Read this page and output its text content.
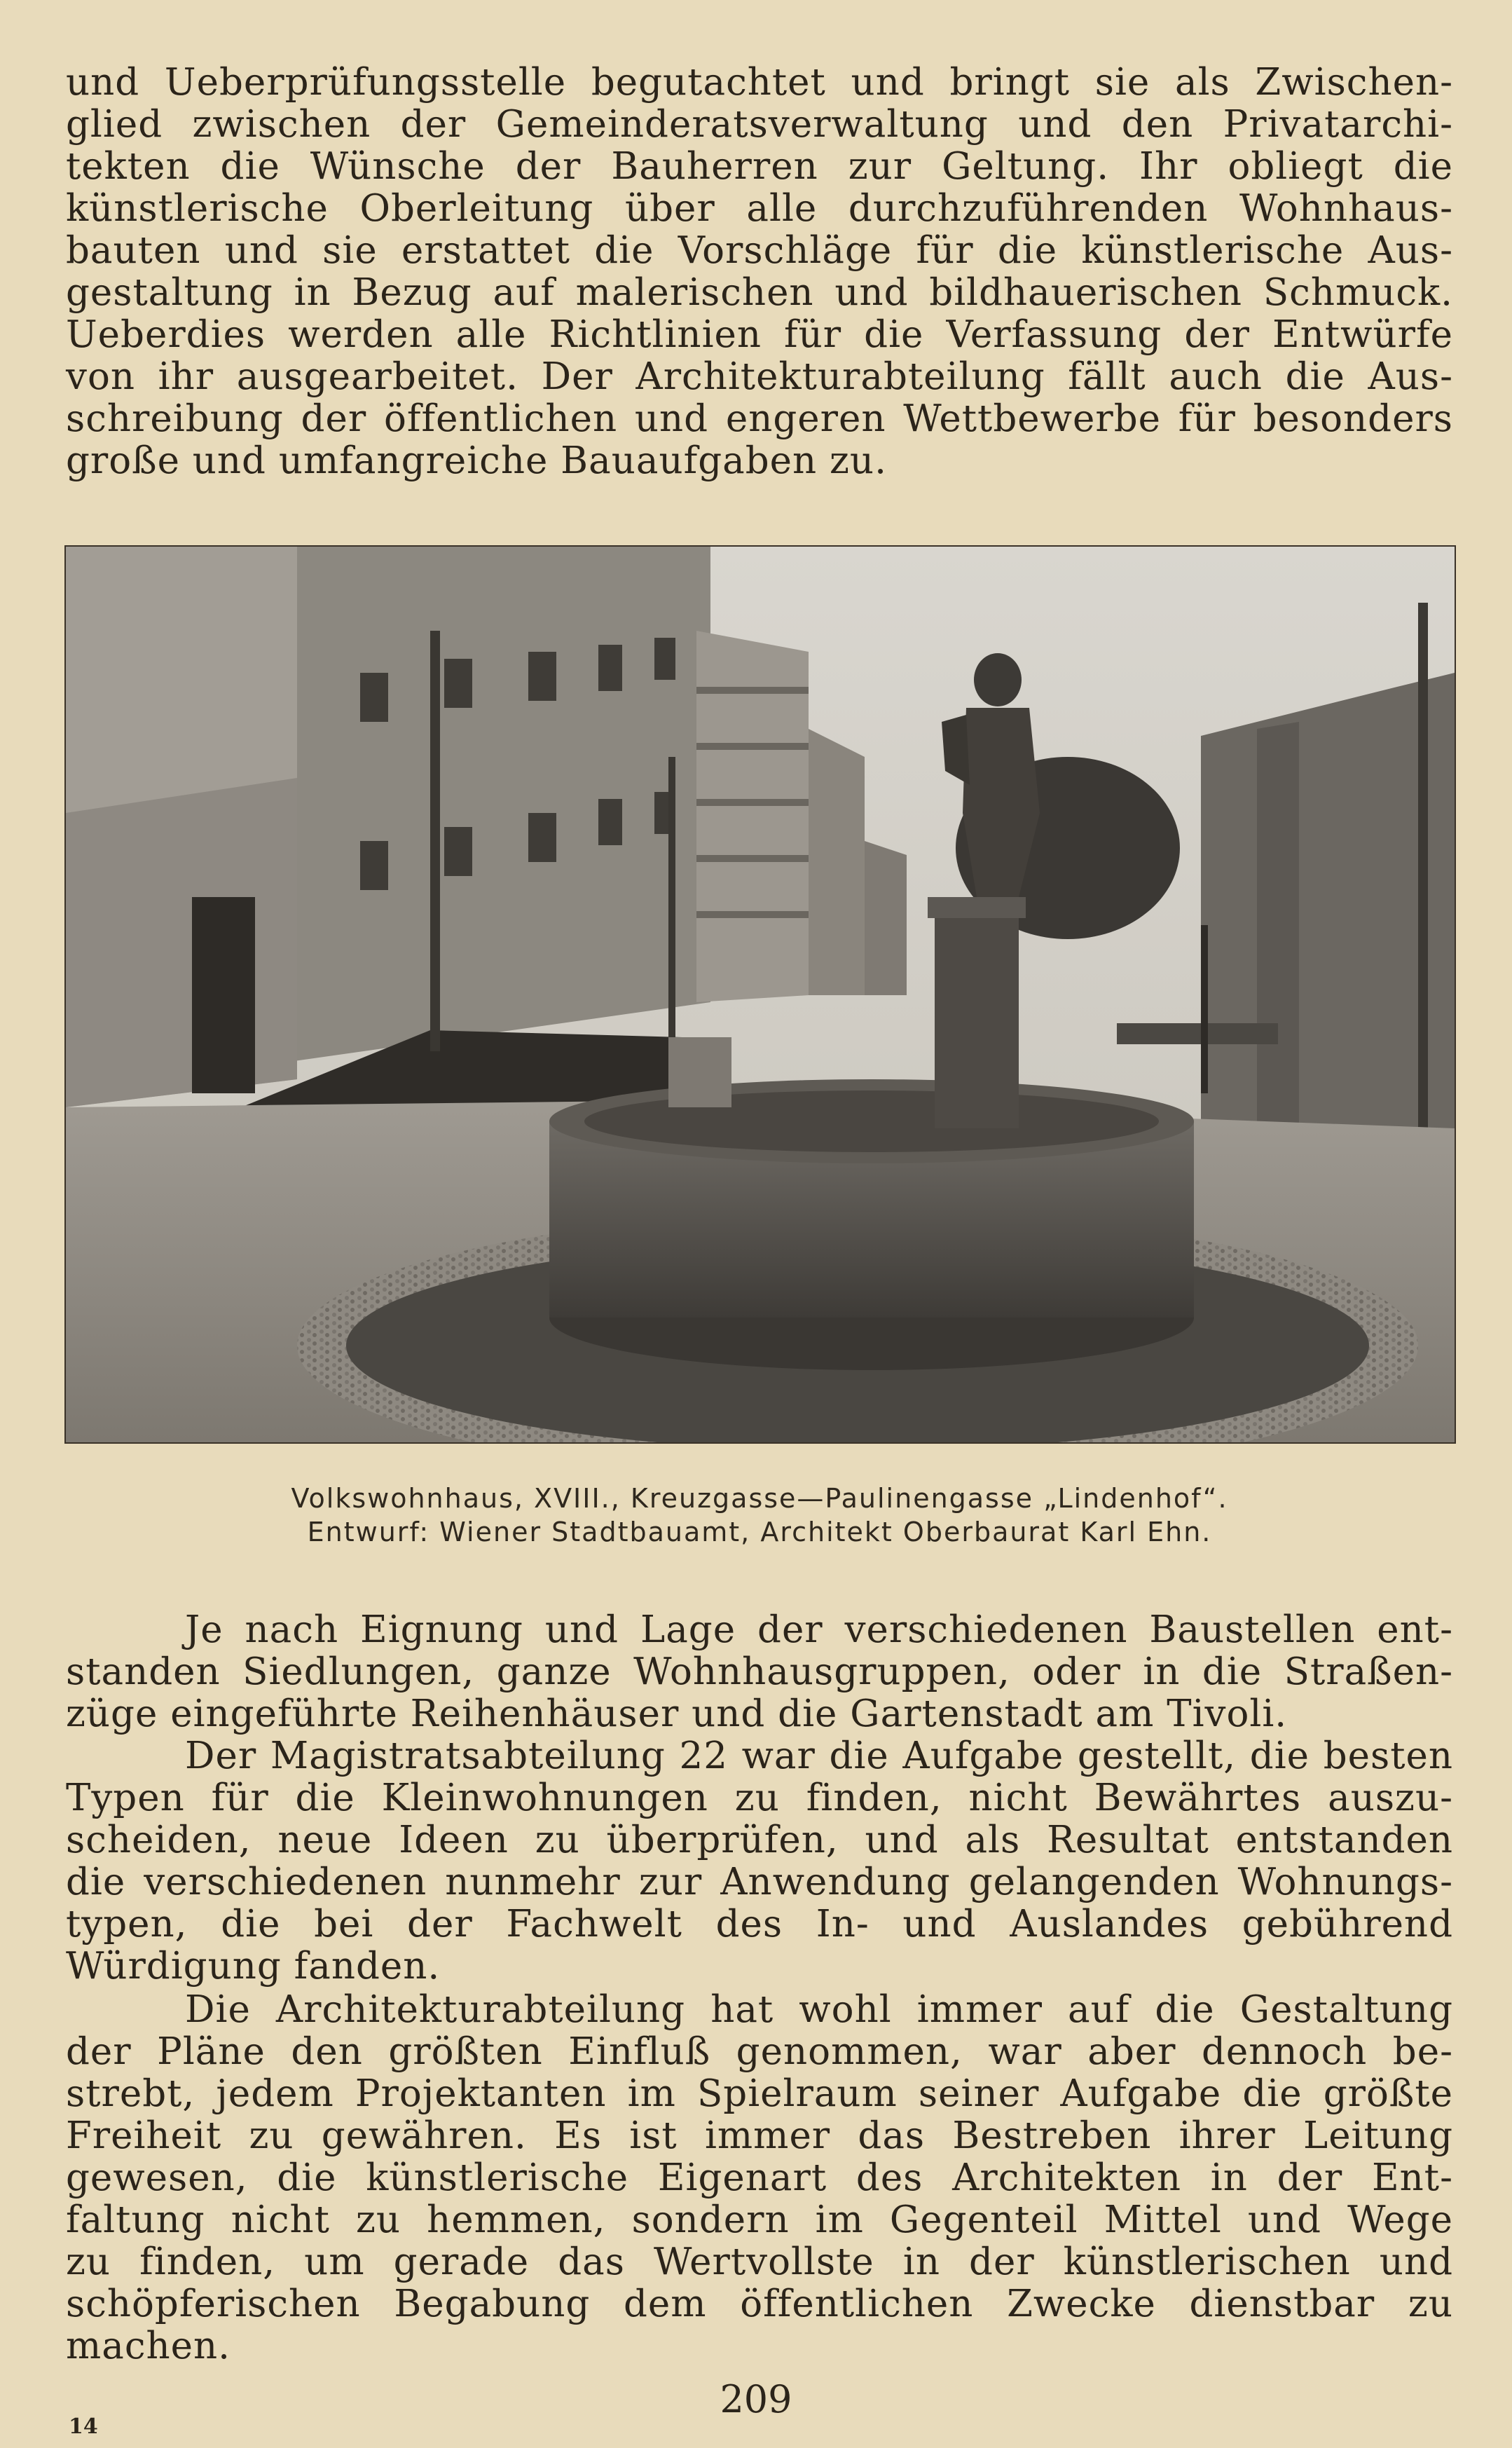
und Ueberprüfungsstelle begutachtet und bringt sie als Zwischen-
glied zwischen der Gemeinderatsverwaltung und den Privatarchi-
tekten die Wünsche der Bauherren zur Geltung. Ihr obliegt die
künstlerische Oberleitung über alle durchzuführenden Wohnhaus-
bauten und sie erstattet die Vorschläge für die künstlerische Aus-
gestaltung in Bezug auf malerischen und bildhauerischen Schmuck.
Ueberdies werden alle Richtlinien für die Verfassung der Entwürfe
von ihr ausgearbeitet. Der Architekturabteilung fällt auch die Aus-
schreibung der öffentlichen und engeren Wettbewerbe für besonders
große und umfangreiche Bauaufgaben zu.
Volkswohnhaus, XVIII., Kreuzgasse—Paulinengasse „Lindenhof“.
Entwurf: Wiener Stadtbauamt, Architekt Oberbaurat Karl Ehn.
Je nach Eignung und Lage der verschiedenen Baustellen ent-
standen Siedlungen, ganze Wohnhausgruppen, oder in die Straßen-
züge eingeführte Reihenhäuser und die Gartenstadt am Tivoli.
Der Magistratsabteilung 22 war die Aufgabe gestellt, die besten
Typen für die Kleinwohnungen zu finden, nicht Bewährtes auszu-
scheiden, neue Ideen zu überprüfen, und als Resultat entstanden
die verschiedenen nunmehr zur Anwendung gelangenden Wohnungs-
typen, die bei der Fachwelt des In- und Auslandes gebührend
Würdigung fanden.
Die Architekturabteilung hat wohl immer auf die Gestaltung
der Pläne den größten Einfluß genommen, war aber dennoch be-
strebt, jedem Projektanten im Spielraum seiner Aufgabe die größte
Freiheit zu gewähren. Es ist immer das Bestreben ihrer Leitung
gewesen, die künstlerische Eigenart des Architekten in der Ent-
faltung nicht zu hemmen, sondern im Gegenteil Mittel und Wege
zu finden, um gerade das Wertvollste in der künstlerischen und
schöpferischen Begabung dem öffentlichen Zwecke dienstbar zu
machen.
14
209
